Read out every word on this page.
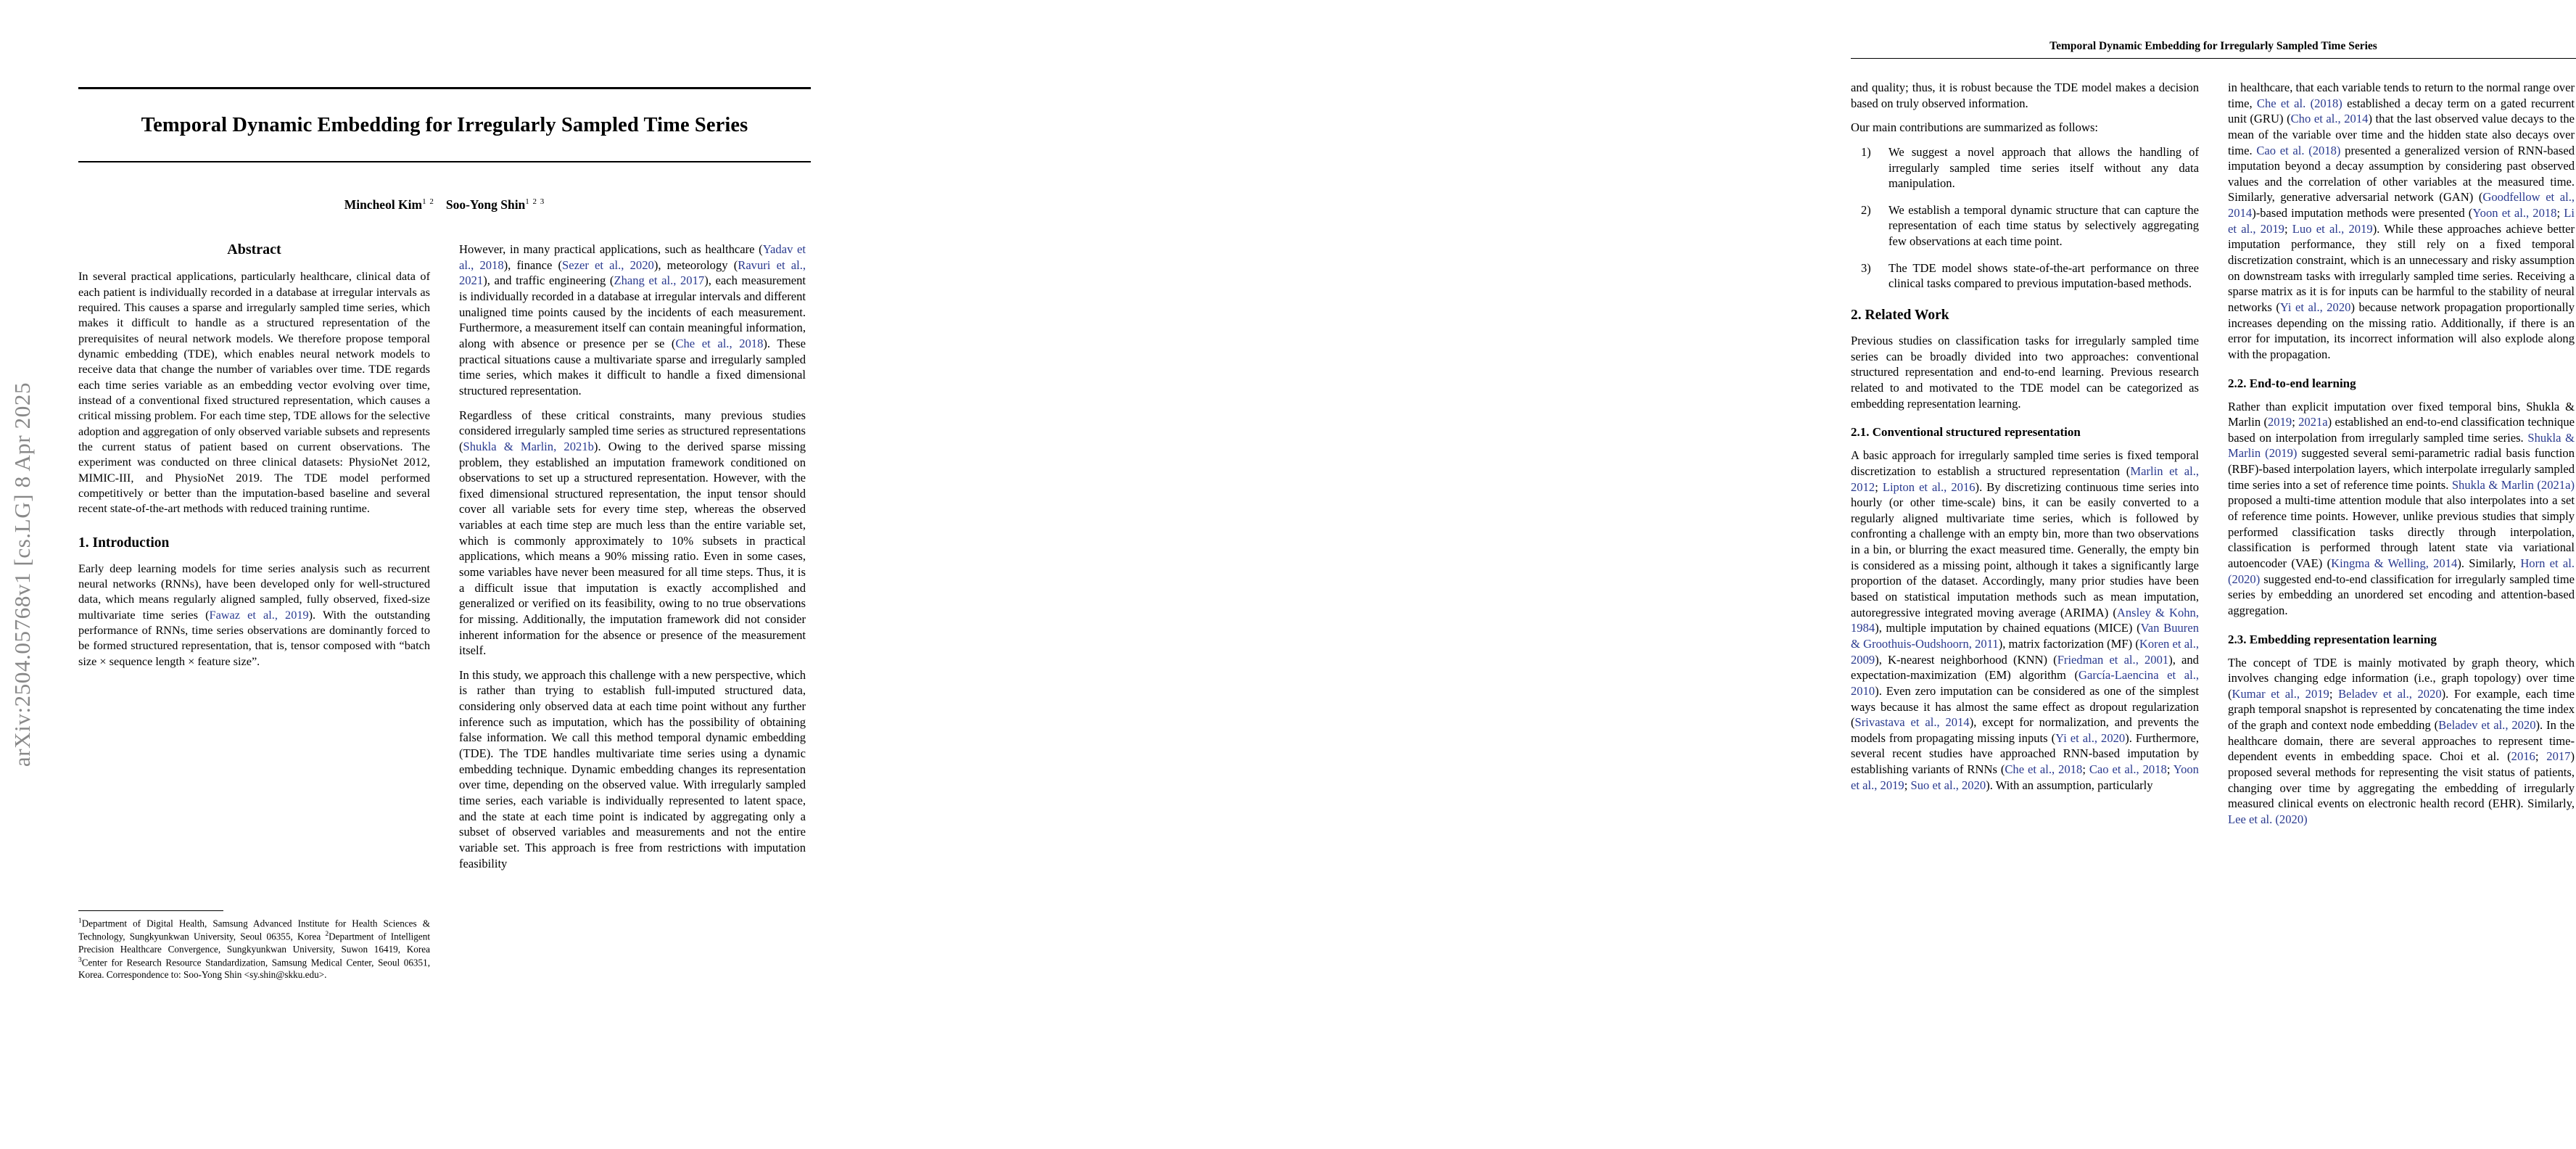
arXiv:2504.05768v1 [cs.LG] 8 Apr 2025
Temporal Dynamic Embedding for Irregularly Sampled Time Series
Mincheol Kim$^{1 2}$ Soo-Yong Shin$^{1 2 3}$
Abstract

In several practical applications, particularly healthcare, clinical data of each patient is individually recorded in a database at irregular intervals as required. This causes a sparse and irregularly sampled time series, which makes it difficult to handle as a structured representation of the prerequisites of neural network models. We therefore propose temporal dynamic embedding (TDE), which enables neural network models to receive data that change the number of variables over time. TDE regards each time series variable as an embedding vector evolving over time, instead of a conventional fixed structured representation, which causes a critical missing problem. For each time step, TDE allows for the selective adoption and aggregation of only observed variable subsets and represents the current status of patient based on current observations. The experiment was conducted on three clinical datasets: PhysioNet 2012, MIMIC-III, and PhysioNet 2019. The TDE model performed competitively or better than the imputation-based baseline and several recent state-of-the-art methods with reduced training runtime.

1. Introduction

Early deep learning models for time series analysis such as recurrent neural networks (RNNs), have been developed only for well-structured data, which means regularly aligned sampled, fully observed, fixed-size multivariate time series (Fawaz et al., 2019). With the outstanding performance of RNNs, time series observations are dominantly forced to be formed structured representation, that is, tensor composed with “batch size × sequence length × feature size”.

However, in many practical applications, such as healthcare (Yadav et al., 2018), finance (Sezer et al., 2020), meteorology (Ravuri et al., 2021), and traffic engineering (Zhang et al., 2017), each measurement is individually recorded in a database at irregular intervals and different unaligned time points caused by the incidents of each measurement. Furthermore, a measurement itself can contain meaningful information, along with absence or presence per se (Che et al., 2018). These practical situations cause a multivariate sparse and irregularly sampled time series, which makes it difficult to handle a fixed dimensional structured representation.

Regardless of these critical constraints, many previous studies considered irregularly sampled time series as structured representations (Shukla & Marlin, 2021b). Owing to the derived sparse missing problem, they established an imputation framework conditioned on observations to set up a structured representation. However, with the fixed dimensional structured representation, the input tensor should cover all variable sets for every time step, whereas the observed variables at each time step are much less than the entire variable set, which is commonly approximately to 10% subsets in practical applications, which means a 90% missing ratio. Even in some cases, some variables have never been measured for all time steps. Thus, it is a difficult issue that imputation is exactly accomplished and generalized or verified on its feasibility, owing to no true observations for missing. Additionally, the imputation framework did not consider inherent information for the absence or presence of the measurement itself.

In this study, we approach this challenge with a new perspective, which is rather than trying to establish full-imputed structured data, considering only observed data at each time point without any further inference such as imputation, which has the possibility of obtaining false information. We call this method temporal dynamic embedding (TDE). The TDE handles multivariate time series using a dynamic embedding technique. Dynamic embedding changes its representation over time, depending on the observed value. With irregularly sampled time series, each variable is individually represented to latent space, and the state at each time point is indicated by aggregating only a subset of observed variables and measurements and not the entire variable set. This approach is free from restrictions with imputation feasibility

$^1$Department of Digital Health, Samsung Advanced Institute for Health Sciences & Technology, Sungkyunkwan University, Seoul 06355, Korea $^2$Department of Intelligent Precision Healthcare Convergence, Sungkyunkwan University, Suwon 16419, Korea $^3$Center for Research Resource Standardization, Samsung Medical Center, Seoul 06351, Korea. Correspondence to: Soo-Yong Shin <sy.shin@skku.edu>.
Temporal Dynamic Embedding for Irregularly Sampled Time Series

and quality; thus, it is robust because the TDE model makes a decision based on truly observed information.

Our main contributions are summarized as follows:

We suggest a novel approach that allows the handling of irregularly sampled time series itself without any data manipulation.
We establish a temporal dynamic structure that can capture the representation of each time status by selectively aggregating few observations at each time point.
The TDE model shows state-of-the-art performance on three clinical tasks compared to previous imputation-based methods.
2. Related Work

Previous studies on classification tasks for irregularly sampled time series can be broadly divided into two approaches: conventional structured representation and end-to-end learning. Previous research related to and motivated to the TDE model can be categorized as embedding representation learning.

2.1. Conventional structured representation

A basic approach for irregularly sampled time series is fixed temporal discretization to establish a structured representation (Marlin et al., 2012; Lipton et al., 2016). By discretizing continuous time series into hourly (or other time-scale) bins, it can be easily converted to a regularly aligned multivariate time series, which is followed by confronting a challenge with an empty bin, more than two observations in a bin, or blurring the exact measured time. Generally, the empty bin is considered as a missing point, although it takes a significantly large proportion of the dataset. Accordingly, many prior studies have been based on statistical imputation methods such as mean imputation, autoregressive integrated moving average (ARIMA) (Ansley & Kohn, 1984), multiple imputation by chained equations (MICE) (Van Buuren & Groothuis-Oudshoorn, 2011), matrix factorization (MF) (Koren et al., 2009), K-nearest neighborhood (KNN) (Friedman et al., 2001), and expectation-maximization (EM) algorithm (García-Laencina et al., 2010). Even zero imputation can be considered as one of the simplest ways because it has almost the same effect as dropout regularization (Srivastava et al., 2014), except for normalization, and prevents the models from propagating missing inputs (Yi et al., 2020). Furthermore, several recent studies have approached RNN-based imputation by establishing variants of RNNs (Che et al., 2018; Cao et al., 2018; Yoon et al., 2019; Suo et al., 2020). With an assumption, particularly

in healthcare, that each variable tends to return to the normal range over time, Che et al. (2018) established a decay term on a gated recurrent unit (GRU) (Cho et al., 2014) that the last observed value decays to the mean of the variable over time and the hidden state also decays over time. Cao et al. (2018) presented a generalized version of RNN-based imputation beyond a decay assumption by considering past observed values and the correlation of other variables at the measured time. Similarly, generative adversarial network (GAN) (Goodfellow et al., 2014)-based imputation methods were presented (Yoon et al., 2018; Li et al., 2019; Luo et al., 2019). While these approaches achieve better imputation performance, they still rely on a fixed temporal discretization constraint, which is an unnecessary and risky assumption on downstream tasks with irregularly sampled time series. Receiving a sparse matrix as it is for inputs can be harmful to the stability of neural networks (Yi et al., 2020) because network propagation proportionally increases depending on the missing ratio. Additionally, if there is an error for imputation, its incorrect information will also explode along with the propagation.

2.2. End-to-end learning

Rather than explicit imputation over fixed temporal bins, Shukla & Marlin (2019; 2021a) established an end-to-end classification technique based on interpolation from irregularly sampled time series. Shukla & Marlin (2019) suggested several semi-parametric radial basis function (RBF)-based interpolation layers, which interpolate irregularly sampled time series into a set of reference time points. Shukla & Marlin (2021a) proposed a multi-time attention module that also interpolates into a set of reference time points. However, unlike previous studies that simply performed classification tasks directly through interpolation, classification is performed through latent state via variational autoencoder (VAE) (Kingma & Welling, 2014). Similarly, Horn et al. (2020) suggested end-to-end classification for irregularly sampled time series by embedding an unordered set encoding and attention-based aggregation.

2.3. Embedding representation learning

The concept of TDE is mainly motivated by graph theory, which involves changing edge information (i.e., graph topology) over time (Kumar et al., 2019; Beladev et al., 2020). For example, each time graph temporal snapshot is represented by concatenating the time index of the graph and context node embedding (Beladev et al., 2020). In the healthcare domain, there are several approaches to represent time-dependent events in embedding space. Choi et al. (2016; 2017) proposed several methods for representing the visit status of patients, changing over time by aggregating the embedding of irregularly measured clinical events on electronic health record (EHR). Similarly, Lee et al. (2020)
